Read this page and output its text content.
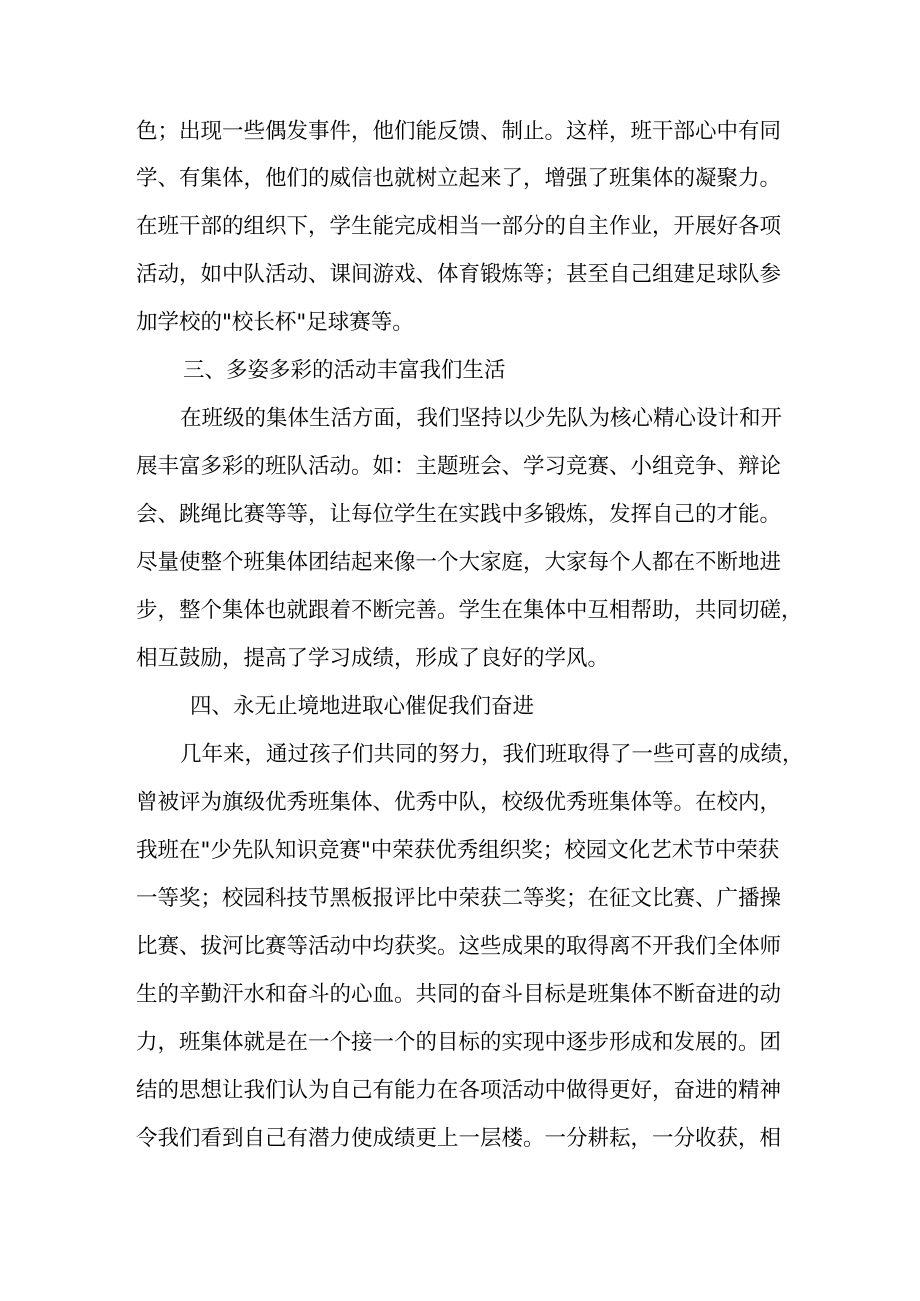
色；出现一些偶发事件，他们能反馈、制止。这样，班干部心中有同
学、有集体，他们的威信也就树立起来了，增强了班集体的凝聚力。
在班干部的组织下，学生能完成相当一部分的自主作业，开展好各项
活动，如中队活动、课间游戏、体育锻炼等；甚至自己组建足球队参
加学校的"校长杯"足球赛等。
三、多姿多彩的活动丰富我们生活
在班级的集体生活方面，我们坚持以少先队为核心精心设计和开
展丰富多彩的班队活动。如：主题班会、学习竞赛、小组竞争、辩论
会、跳绳比赛等等，让每位学生在实践中多锻炼，发挥自己的才能。
尽量使整个班集体团结起来像一个大家庭，大家每个人都在不断地进
步，整个集体也就跟着不断完善。学生在集体中互相帮助，共同切磋，
相互鼓励，提高了学习成绩，形成了良好的学风。
四、永无止境地进取心催促我们奋进
几年来，通过孩子们共同的努力，我们班取得了一些可喜的成绩，
曾被评为旗级优秀班集体、优秀中队，校级优秀班集体等。在校内，
我班在"少先队知识竞赛"中荣获优秀组织奖；校园文化艺术节中荣获
一等奖；校园科技节黑板报评比中荣获二等奖；在征文比赛、广播操
比赛、拔河比赛等活动中均获奖。这些成果的取得离不开我们全体师
生的辛勤汗水和奋斗的心血。共同的奋斗目标是班集体不断奋进的动
力，班集体就是在一个接一个的目标的实现中逐步形成和发展的。团
结的思想让我们认为自己有能力在各项活动中做得更好，奋进的精神
令我们看到自己有潜力使成绩更上一层楼。一分耕耘，一分收获，相
